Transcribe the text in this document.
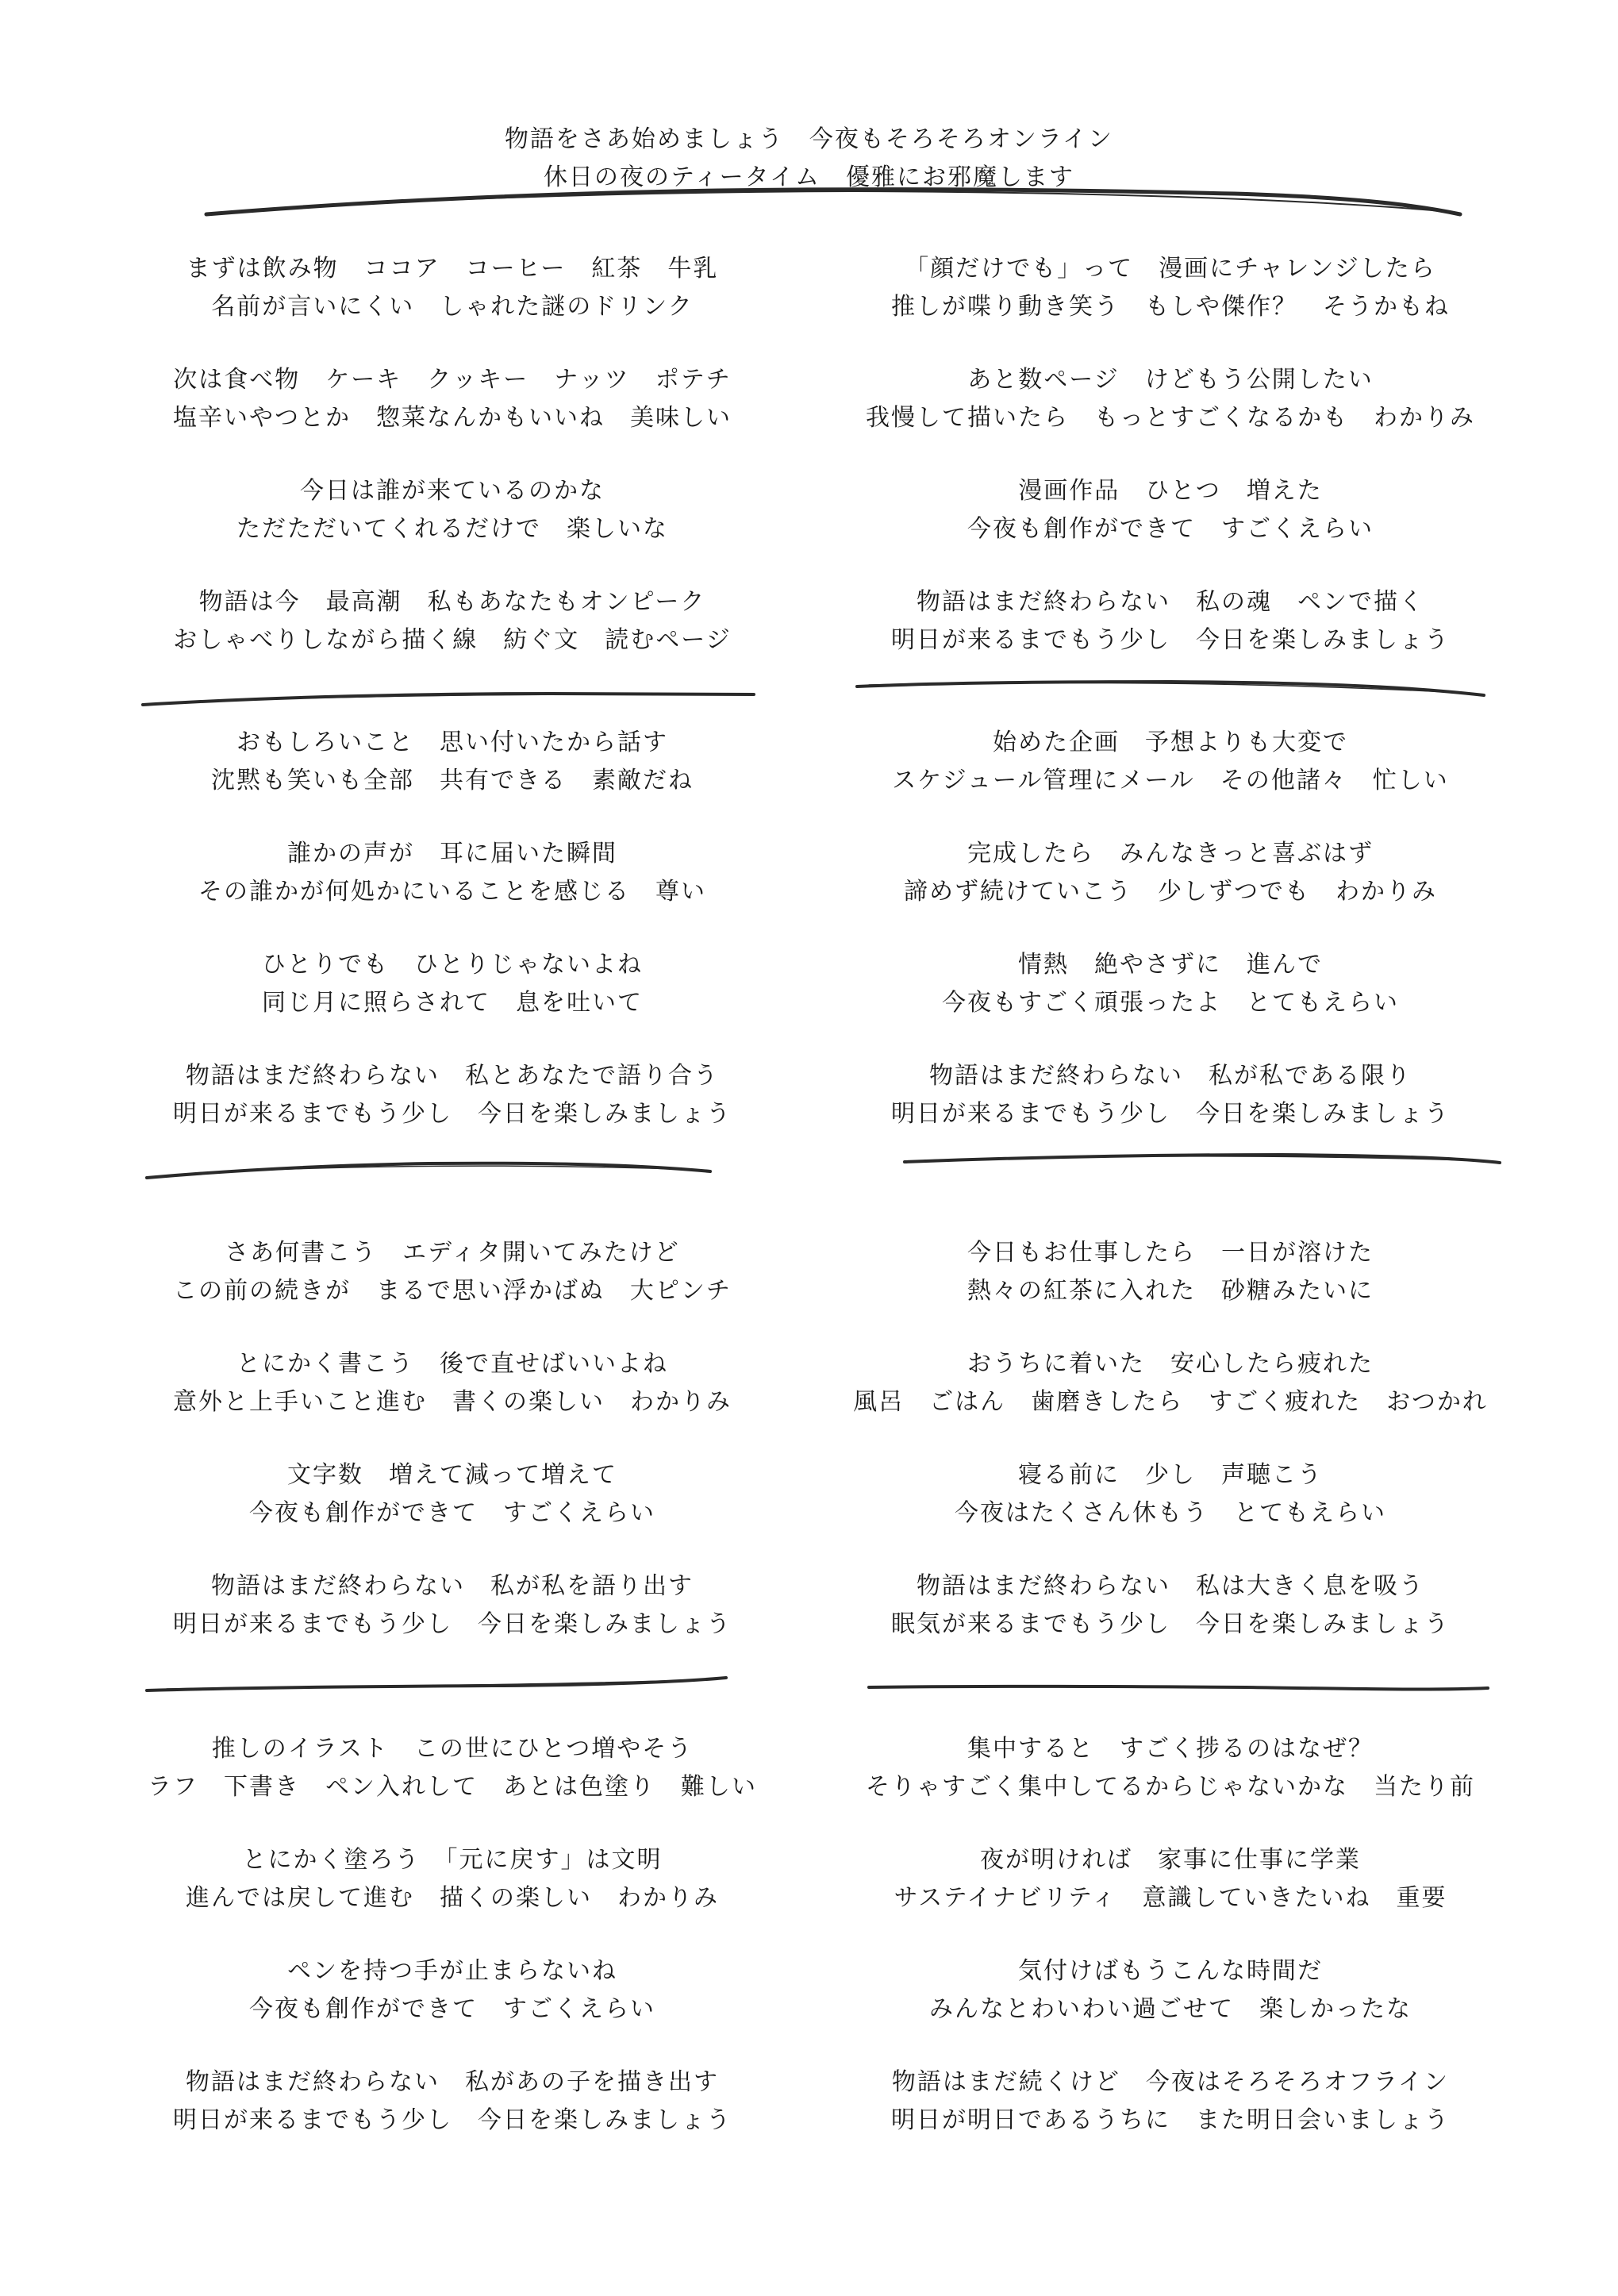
物語をさあ始めましょう　今夜もそろそろオンライン
休日の夜のティータイム　優雅にお邪魔します
まずは飲み物　ココア　コーヒー　紅茶　牛乳
名前が言いにくい　しゃれた謎のドリンク
次は食べ物　ケーキ　クッキー　ナッツ　ポテチ
塩辛いやつとか　惣菜なんかもいいね　美味しい
今日は誰が来ているのかな
ただただいてくれるだけで　楽しいな
物語は今　最高潮　私もあなたもオンピーク
おしゃべりしながら描く線　紡ぐ文　読むページ
「顔だけでも」って　漫画にチャレンジしたら
推しが喋り動き笑う　もしや傑作？　そうかもね
あと数ページ　けどもう公開したい
我慢して描いたら　もっとすごくなるかも　わかりみ
漫画作品　ひとつ　増えた
今夜も創作ができて　すごくえらい
物語はまだ終わらない　私の魂　ペンで描く
明日が来るまでもう少し　今日を楽しみましょう
おもしろいこと　思い付いたから話す
沈黙も笑いも全部　共有できる　素敵だね
誰かの声が　耳に届いた瞬間
その誰かが何処かにいることを感じる　尊い
ひとりでも　ひとりじゃないよね
同じ月に照らされて　息を吐いて
物語はまだ終わらない　私とあなたで語り合う
明日が来るまでもう少し　今日を楽しみましょう
始めた企画　予想よりも大変で
スケジュール管理にメール　その他諸々　忙しい
完成したら　みんなきっと喜ぶはず
諦めず続けていこう　少しずつでも　わかりみ
情熱　絶やさずに　進んで
今夜もすごく頑張ったよ　とてもえらい
物語はまだ終わらない　私が私である限り
明日が来るまでもう少し　今日を楽しみましょう
さあ何書こう　エディタ開いてみたけど
この前の続きが　まるで思い浮かばぬ　大ピンチ
とにかく書こう　後で直せばいいよね
意外と上手いこと進む　書くの楽しい　わかりみ
文字数　増えて減って増えて
今夜も創作ができて　すごくえらい
物語はまだ終わらない　私が私を語り出す
明日が来るまでもう少し　今日を楽しみましょう
今日もお仕事したら　一日が溶けた
熱々の紅茶に入れた　砂糖みたいに
おうちに着いた　安心したら疲れた
風呂　ごはん　歯磨きしたら　すごく疲れた　おつかれ
寝る前に　少し　声聴こう
今夜はたくさん休もう　とてもえらい
物語はまだ終わらない　私は大きく息を吸う
眠気が来るまでもう少し　今日を楽しみましょう
推しのイラスト　この世にひとつ増やそう
ラフ　下書き　ペン入れして　あとは色塗り　難しい
とにかく塗ろう　「元に戻す」は文明
進んでは戻して進む　描くの楽しい　わかりみ
ペンを持つ手が止まらないね
今夜も創作ができて　すごくえらい
物語はまだ終わらない　私があの子を描き出す
明日が来るまでもう少し　今日を楽しみましょう
集中すると　すごく捗るのはなぜ？
そりゃすごく集中してるからじゃないかな　当たり前
夜が明ければ　家事に仕事に学業
サステイナビリティ　意識していきたいね　重要
気付けばもうこんな時間だ
みんなとわいわい過ごせて　楽しかったな
物語はまだ続くけど　今夜はそろそろオフライン
明日が明日であるうちに　また明日会いましょう
